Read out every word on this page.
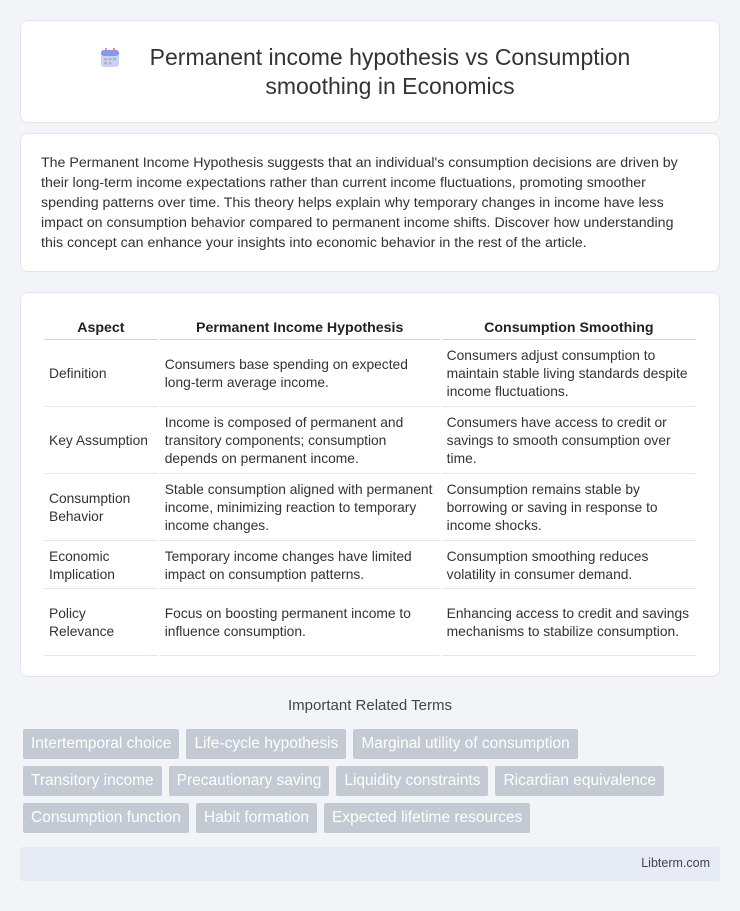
Permanent income hypothesis vs Consumption smoothing in Economics

The Permanent Income Hypothesis suggests that an individual's consumption decisions are driven by their long-term income expectations rather than current income fluctuations, promoting smoother spending patterns over time. This theory helps explain why temporary changes in income have less impact on consumption behavior compared to permanent income shifts. Discover how understanding this concept can enhance your insights into economic behavior in the rest of the article.

Aspect	Permanent Income Hypothesis	Consumption Smoothing
Definition	Consumers base spending on expected long-term average income.	Consumers adjust consumption to maintain stable living standards despite income fluctuations.
Key Assumption	Income is composed of permanent and transitory components; consumption depends on permanent income.	Consumers have access to credit or savings to smooth consumption over time.
Consumption Behavior	Stable consumption aligned with permanent income, minimizing reaction to temporary income changes.	Consumption remains stable by borrowing or saving in response to income shocks.
Economic Implication	Temporary income changes have limited impact on consumption patterns.	Consumption smoothing reduces volatility in consumer demand.
Policy Relevance	Focus on boosting permanent income to influence consumption.	Enhancing access to credit and savings mechanisms to stabilize consumption.
Important Related Terms
Intertemporal choice	Life-cycle hypothesis	Marginal utility of consumption
Transitory income	Precautionary saving	Liquidity constraints	Ricardian equivalence
Consumption function	Habit formation	Expected lifetime resources
Libterm.com
